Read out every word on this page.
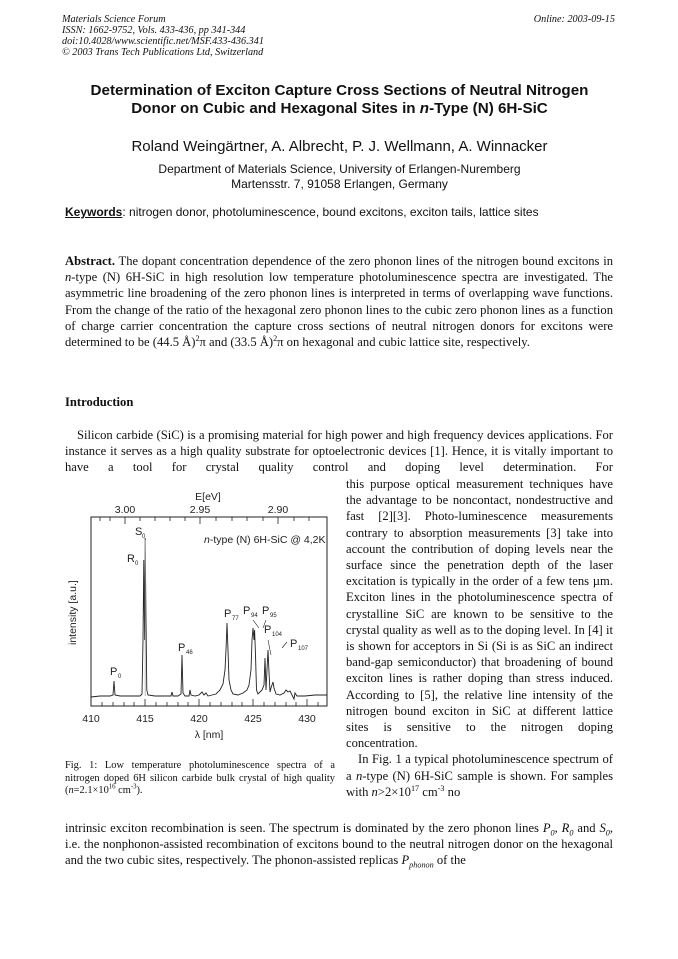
Materials Science Forum
ISSN: 1662-9752, Vols. 433-436, pp 341-344
doi:10.4028/www.scientific.net/MSF.433-436.341
© 2003 Trans Tech Publications Ltd, Switzerland
Online: 2003-09-15
Determination of Exciton Capture Cross Sections of Neutral Nitrogen
Donor on Cubic and Hexagonal Sites in n-Type (N) 6H-SiC
Roland Weingärtner, A. Albrecht, P. J. Wellmann, A. Winnacker
Department of Materials Science, University of Erlangen-Nuremberg
Martensstr. 7, 91058 Erlangen, Germany
Keywords: nitrogen donor, photoluminescence, bound excitons, exciton tails, lattice sites
Abstract. The dopant concentration dependence of the zero phonon lines of the nitrogen bound excitons in n-type (N) 6H-SiC in high resolution low temperature photoluminescence spectra are investigated. The asymmetric line broadening of the zero phonon lines is interpreted in terms of overlapping wave functions. From the change of the ratio of the hexagonal zero phonon lines to the cubic zero phonon lines as a function of charge carrier concentration the capture cross sections of neutral nitrogen donors for excitons were determined to be (44.5 Å)$^2$π and (33.5 Å)$^2$π on hexagonal and cubic lattice site, respectively.
Introduction
Silicon carbide (SiC) is a promising material for high power and high frequency devices applications. For instance it serves as a high quality substrate for optoelectronic devices [1]. Hence, it is vitally important to have a tool for crystal quality control and doping level determination. For
this purpose optical measurement techniques have the advantage to be noncontact, nondestructive and fast [2][3]. Photo-luminescence measurements contrary to absorption measurements [3] take into account the contribution of doping levels near the surface since the penetration depth of the laser excitation is typically in the order of a few tens µm. Exciton lines in the photoluminescence spectra of crystalline SiC are known to be sensitive to the crystal quality as well as to the doping level. In [4] it is shown for acceptors in Si (Si is as SiC an indirect band-gap semiconductor) that broadening of bound exciton lines is rather doping than stress induced. According to [5], the relative line intensity of the nitrogen bound exciton in SiC at different lattice sites is sensitive to the nitrogen doping concentration.
In Fig. 1 a typical photoluminescence spectrum of a n-type (N) 6H-SiC sample is shown. For samples with $n>2\times 10^{17}$ $cm^{-3}$ no
P 0
R 0
S 0
P 46
P 77
P 94 P 95
P 104
P 107
n-type (N) 6H-SiC @ 4,2K
3.00	2.95	2.90
E[eV]
410	415	420	425	430
λ [nm]
intensity [a.u.]
Fig. 1: Low temperature photoluminescence spectra of a nitrogen doped 6H silicon carbide bulk crystal of high quality ($n=2.1\times 10^{16}$ $cm^{-3}$).
intrinsic exciton recombination is seen. The spectrum is dominated by the zero phonon lines $P_0$, $R_0$ and $S_0$, i.e. the nonphonon-assisted recombination of excitons bound to the neutral nitrogen donor on the hexagonal and the two cubic sites, respectively. The phonon-assisted replicas $P_{phonon}$ of the
